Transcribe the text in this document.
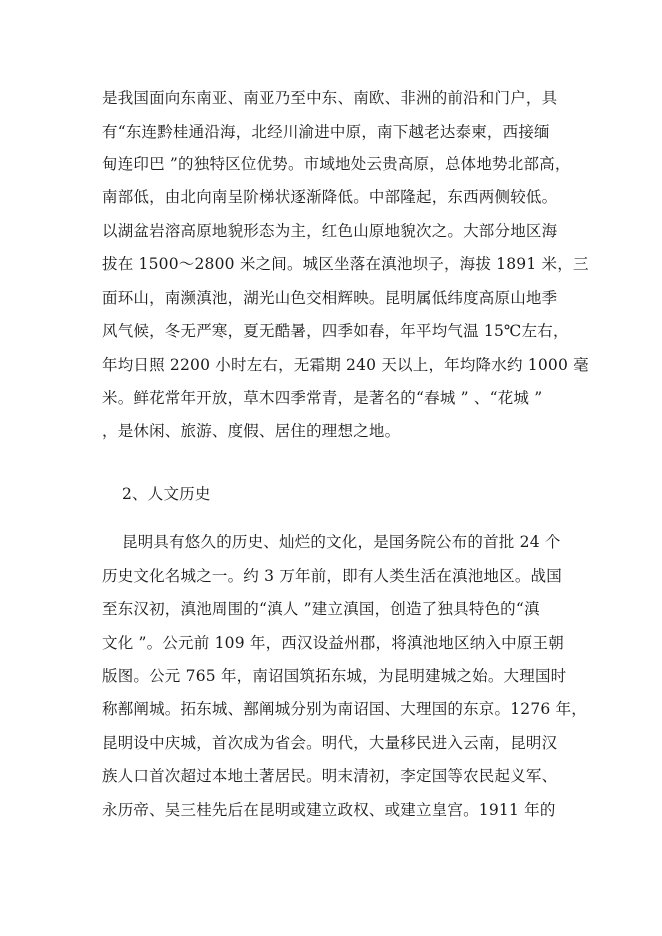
是我国面向东南亚、南亚乃至中东、南欧、非洲的前沿和门户，具
有“东连黔桂通沿海，北经川渝进中原，南下越老达泰柬，西接缅
甸连印巴 ”的独特区位优势。市域地处云贵高原，总体地势北部高，
南部低，由北向南呈阶梯状逐渐降低。中部隆起，东西两侧较低。
以湖盆岩溶高原地貌形态为主，红色山原地貌次之。大部分地区海
拔在 1500～2800 米之间。城区坐落在滇池坝子，海拔 1891 米，三
面环山，南濒滇池，湖光山色交相辉映。昆明属低纬度高原山地季
风气候，冬无严寒，夏无酷暑，四季如春，年平均气温 15℃左右，
年均日照 2200 小时左右，无霜期 240 天以上，年均降水约 1000 毫
米。鲜花常年开放，草木四季常青，是著名的“春城 ” 、“花城 ”
，是休闲、旅游、度假、居住的理想之地。
2、人文历史
昆明具有悠久的历史、灿烂的文化，是国务院公布的首批 24 个
历史文化名城之一。约 3 万年前，即有人类生活在滇池地区。战国
至东汉初，滇池周围的“滇人 ”建立滇国，创造了独具特色的“滇
文化 ”。公元前 109 年，西汉设益州郡，将滇池地区纳入中原王朝
版图。公元 765 年，南诏国筑拓东城，为昆明建城之始。大理国时
称鄯阐城。拓东城、鄯阐城分别为南诏国、大理国的东京。1276 年，
昆明设中庆城，首次成为省会。明代，大量移民进入云南，昆明汉
族人口首次超过本地土著居民。明末清初，李定国等农民起义军、
永历帝、吴三桂先后在昆明或建立政权、或建立皇宫。1911 年的
